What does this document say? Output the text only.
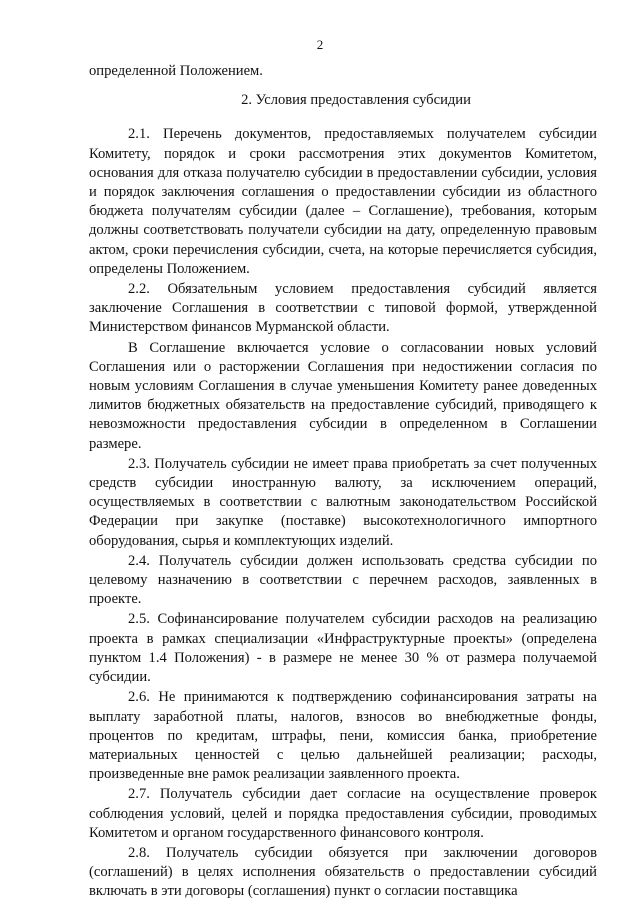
2

определенной Положением.

2. Условия предоставления субсидии

2.1. Перечень документов, предоставляемых получателем субсидии Комитету, порядок и сроки рассмотрения этих документов Комитетом, основания для отказа получателю субсидии в предоставлении субсидии, условия и порядок заключения соглашения о предоставлении субсидии из областного бюджета получателям субсидии (далее – Соглашение), требования, которым должны соответствовать получатели субсидии на дату, определенную правовым актом, сроки перечисления субсидии, счета, на которые перечисляется субсидия, определены Положением.

2.2. Обязательным условием предоставления субсидий является заключение Соглашения в соответствии с типовой формой, утвержденной Министерством финансов Мурманской области.

В Соглашение включается условие о согласовании новых условий Соглашения или о расторжении Соглашения при недостижении согласия по новым условиям Соглашения в случае уменьшения Комитету ранее доведенных лимитов бюджетных обязательств на предоставление субсидий, приводящего к невозможности предоставления субсидии в определенном в Соглашении размере.

2.3. Получатель субсидии не имеет права приобретать за счет полученных средств субсидии иностранную валюту, за исключением операций, осуществляемых в соответствии с валютным законодательством Российской Федерации при закупке (поставке) высокотехнологичного импортного оборудования, сырья и комплектующих изделий.

2.4. Получатель субсидии должен использовать средства субсидии по целевому назначению в соответствии с перечнем расходов, заявленных в проекте.

2.5. Софинансирование получателем субсидии расходов на реализацию проекта в рамках специализации «Инфраструктурные проекты» (определена пунктом 1.4 Положения) - в размере не менее 30 % от размера получаемой субсидии.

2.6. Не принимаются к подтверждению софинансирования затраты на выплату заработной платы, налогов, взносов во внебюджетные фонды, процентов по кредитам, штрафы, пени, комиссия банка, приобретение материальных ценностей с целью дальнейшей реализации; расходы, произведенные вне рамок реализации заявленного проекта.

2.7. Получатель субсидии дает согласие на осуществление проверок соблюдения условий, целей и порядка предоставления субсидии, проводимых Комитетом и органом государственного финансового контроля.

2.8. Получатель субсидии обязуется при заключении договоров (соглашений) в целях исполнения обязательств о предоставлении субсидий включать в эти договоры (соглашения) пункт о согласии поставщика
